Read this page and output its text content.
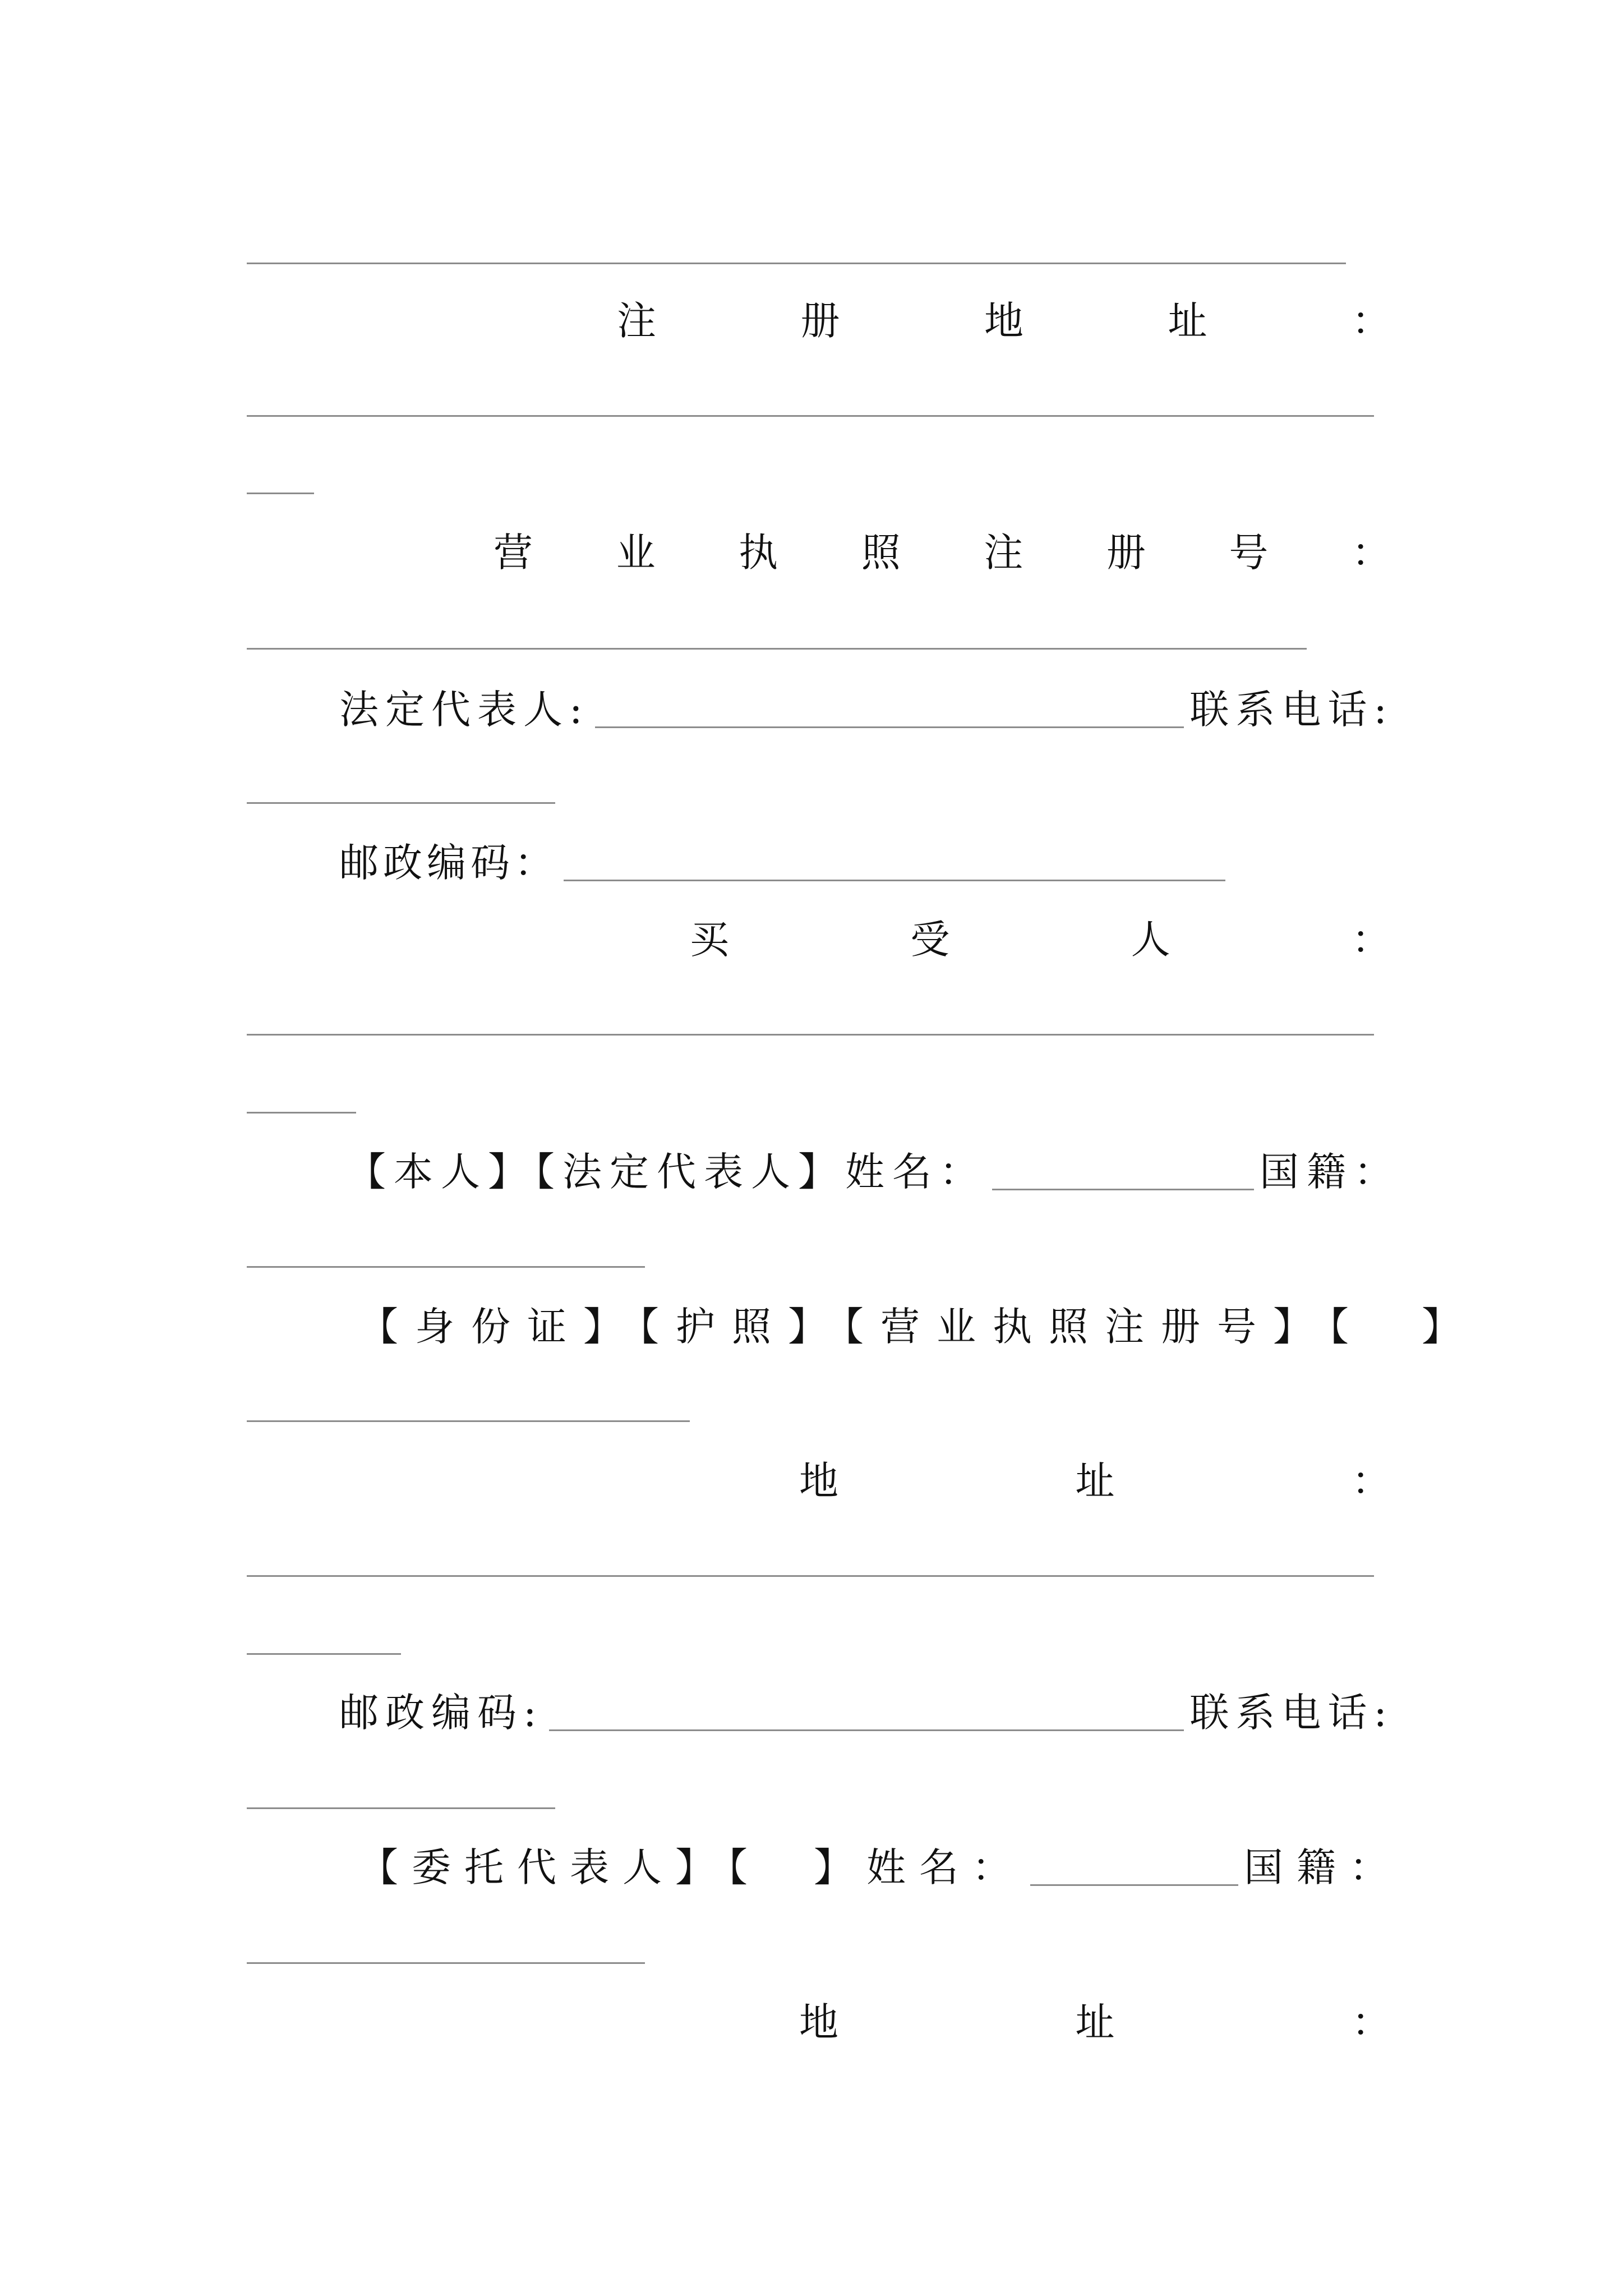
注	册	地	址	：
营 业 执 照 注 册 号 ：
法定代表人:	联系电话:
邮政编码：
买	受	人	：
【本人】【法定代表人】姓名：	国籍：
【身份证】【护照】【营业执照注册号】【　】
地	址	：
邮政编码:	联系电话:
【委托代表人】【　】姓名：	国籍：
地	址	：
